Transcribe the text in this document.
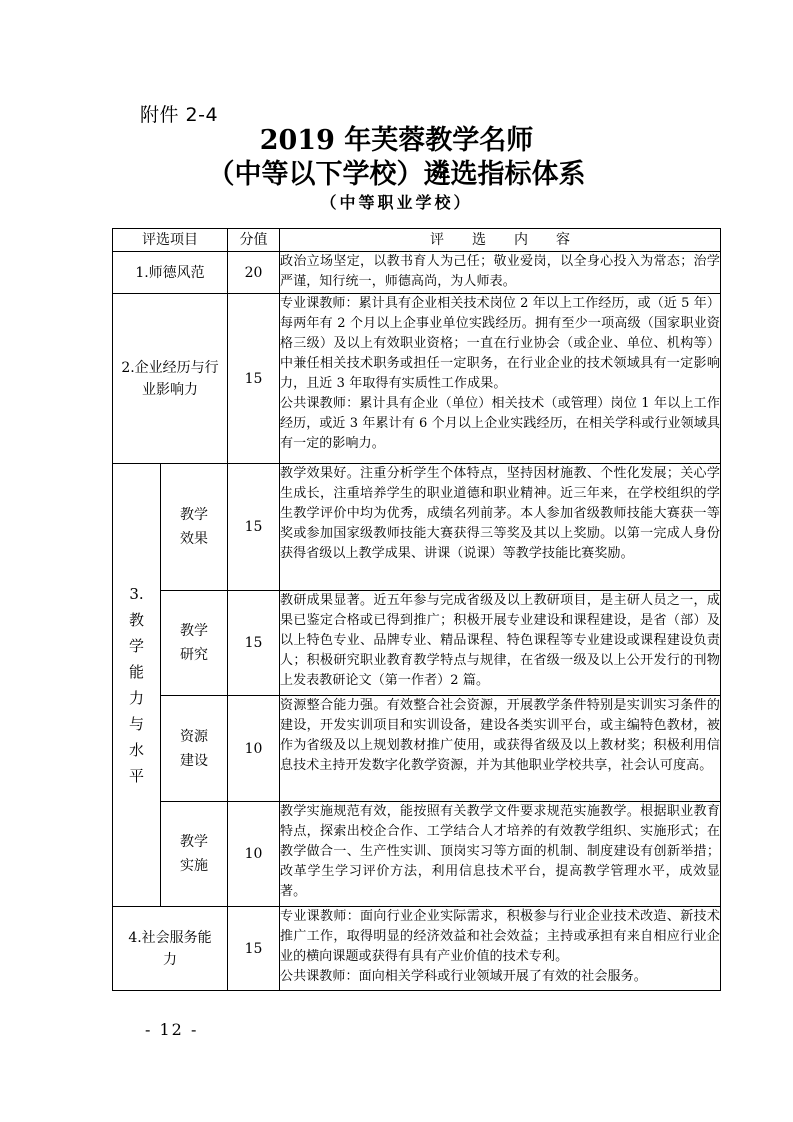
附件 2-4
2019 年芙蓉教学名师
（中等以下学校）遴选指标体系
（中等职业学校）
评选项目		分值	评　　选　　内　　容
1.师德风范		20	政治立场坚定，以教书育人为己任；敬业爱岗，以全身心投入为常态；治学严谨，知行统一，师德高尚，为人师表。
2.企业经历与行业影响力		15	专业课教师：累计具有企业相关技术岗位 2 年以上工作经历，或（近 5 年）每两年有 2 个月以上企事业单位实践经历。拥有至少一项高级（国家职业资格三级）及以上有效职业资格；一直在行业协会（或企业、单位、机构等）中兼任相关技术职务或担任一定职务，在行业企业的技术领域具有一定影响力，且近 3 年取得有实质性工作成果。
公共课教师：累计具有企业（单位）相关技术（或管理）岗位 1 年以上工作经历，或近 3 年累计有 6 个月以上企业实践经历，在相关学科或行业领域具有一定的影响力。

3.教学能力与水平	教学效果	15	教学效果好。注重分析学生个体特点，坚持因材施教、个性化发展；关心学生成长，注重培养学生的职业道德和职业精神。近三年来，在学校组织的学生教学评价中均为优秀，成绩名列前茅。本人参加省级教师技能大赛获一等奖或参加国家级教师技能大赛获得三等奖及其以上奖励。以第一完成人身份获得省级以上教学成果、讲课（说课）等教学技能比赛奖励。

	教学研究	15	教研成果显著。近五年参与完成省级及以上教研项目，是主研人员之一，成果已鉴定合格或已得到推广；积极开展专业建设和课程建设，是省（部）及以上特色专业、品牌专业、精品课程、特色课程等专业建设或课程建设负责人；积极研究职业教育教学特点与规律，在省级一级及以上公开发行的刊物上发表教研论文（第一作者）2 篇。

	资源建设	10	资源整合能力强。有效整合社会资源，开展教学条件特别是实训实习条件的建设，开发实训项目和实训设备，建设各类实训平台，或主编特色教材，被作为省级及以上规划教材推广使用，或获得省级及以上教材奖；积极利用信息技术主持开发数字化教学资源，并为其他职业学校共享，社会认可度高。

	教学实施	10	教学实施规范有效，能按照有关教学文件要求规范实施教学。根据职业教育特点，探索出校企合作、工学结合人才培养的有效教学组织、实施形式；在教学做合一、生产性实训、顶岗实习等方面的机制、制度建设有创新举措；改革学生学习评价方法，利用信息技术平台，提高教学管理水平，成效显著。
4.社会服务能力		15	专业课教师：面向行业企业实际需求，积极参与行业企业技术改造、新技术推广工作，取得明显的经济效益和社会效益；主持或承担有来自相应行业企业的横向课题或获得有具有产业价值的技术专利。
公共课教师：面向相关学科或行业领域开展了有效的社会服务。
- 12 -
